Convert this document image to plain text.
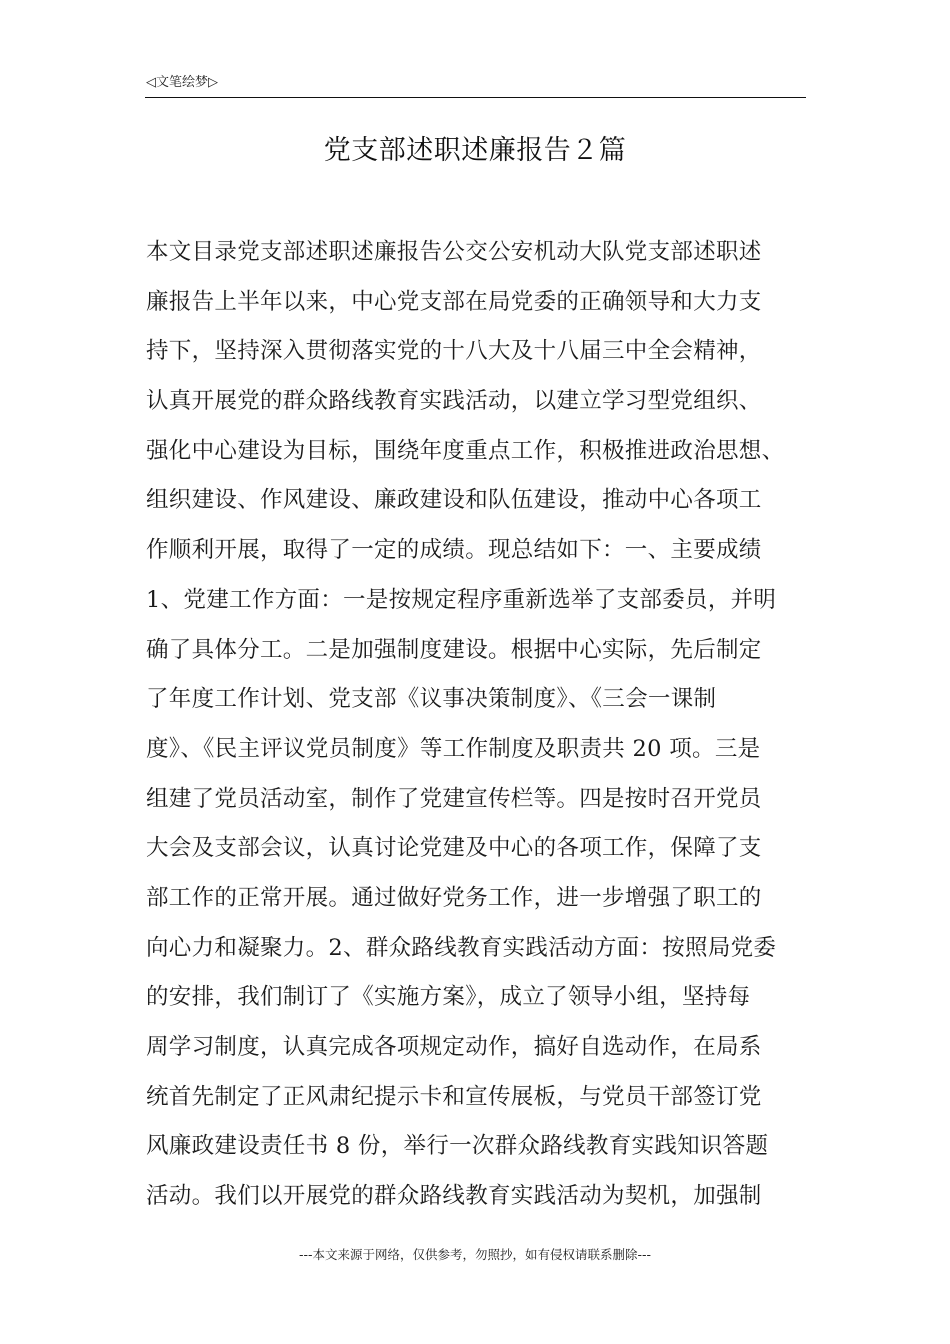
◁文笔绘梦▷
党支部述职述廉报告２篇
本文目录党支部述职述廉报告公交公安机动大队党支部述职述
廉报告上半年以来，中心党支部在局党委的正确领导和大力支
持下，坚持深入贯彻落实党的十八大及十八届三中全会精神，
认真开展党的群众路线教育实践活动，以建立学习型党组织、
强化中心建设为目标，围绕年度重点工作，积极推进政治思想、
组织建设、作风建设、廉政建设和队伍建设，推动中心各项工
作顺利开展，取得了一定的成绩。现总结如下：一、主要成绩
1、党建工作方面：一是按规定程序重新选举了支部委员，并明
确了具体分工。二是加强制度建设。根据中心实际，先后制定
了年度工作计划、党支部《议事决策制度》、《三会一课制
度》、《民主评议党员制度》等工作制度及职责共 20 项。三是
组建了党员活动室，制作了党建宣传栏等。四是按时召开党员
大会及支部会议，认真讨论党建及中心的各项工作，保障了支
部工作的正常开展。通过做好党务工作，进一步增强了职工的
向心力和凝聚力。2、群众路线教育实践活动方面：按照局党委
的安排，我们制订了《实施方案》，成立了领导小组，坚持每
周学习制度，认真完成各项规定动作，搞好自选动作，在局系
统首先制定了正风肃纪提示卡和宣传展板，与党员干部签订党
风廉政建设责任书 8 份，举行一次群众路线教育实践知识答题
活动。我们以开展党的群众路线教育实践活动为契机，加强制
---本文来源于网络，仅供参考，勿照抄，如有侵权请联系删除---
